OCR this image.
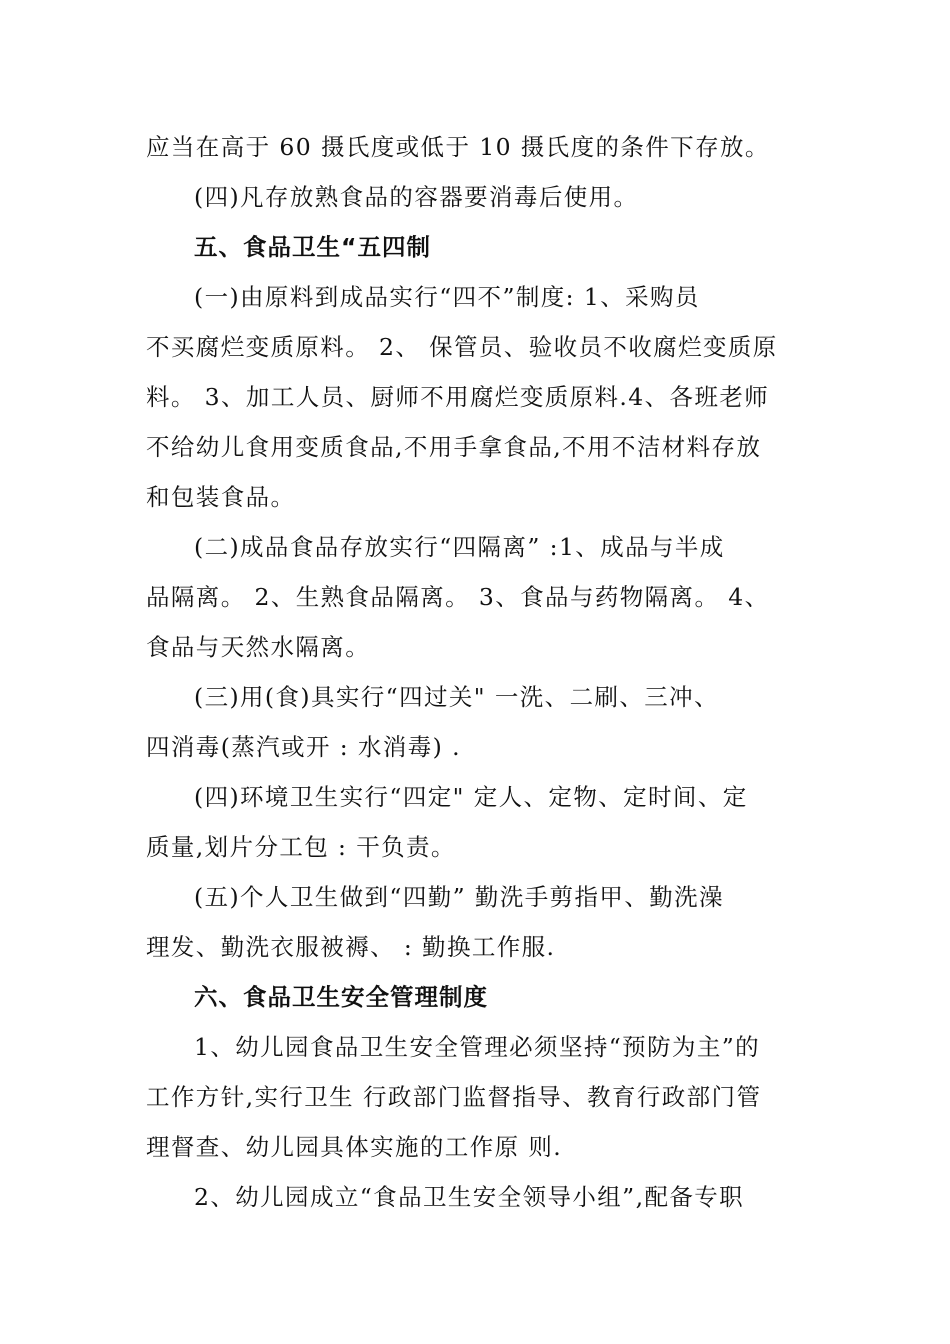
应当在高于 60 摄氏度或低于 10 摄氏度的条件下存放。
(四)凡存放熟食品的容器要消毒后使用。
五、食品卫生“五四制
(一)由原料到成品实行“四不”制度: 1、采购员
不买腐烂变质原料。 2、 保管员、验收员不收腐烂变质原
料。 3、加工人员、厨师不用腐烂变质原料.4、各班老师
不给幼儿食用变质食品,不用手拿食品,不用不洁材料存放
和包装食品。
(二)成品食品存放实行“四隔离” :1、成品与半成
品隔离。 2、生熟食品隔离。 3、食品与药物隔离。 4、
食品与天然水隔离。
(三)用(食)具实行“四过关" 一洗、二刷、三冲、
四消毒(蒸汽或开 : 水消毒) .
(四)环境卫生实行“四定" 定人、定物、定时间、定
质量,划片分工包 : 干负责。
(五)个人卫生做到“四勤” 勤洗手剪指甲、勤洗澡
理发、勤洗衣服被褥、 : 勤换工作服.
六、食品卫生安全管理制度
1、幼儿园食品卫生安全管理必须坚持“预防为主”的
工作方针,实行卫生 行政部门监督指导、教育行政部门管
理督查、幼儿园具体实施的工作原 则.
2、幼儿园成立“食品卫生安全领导小组”,配备专职
